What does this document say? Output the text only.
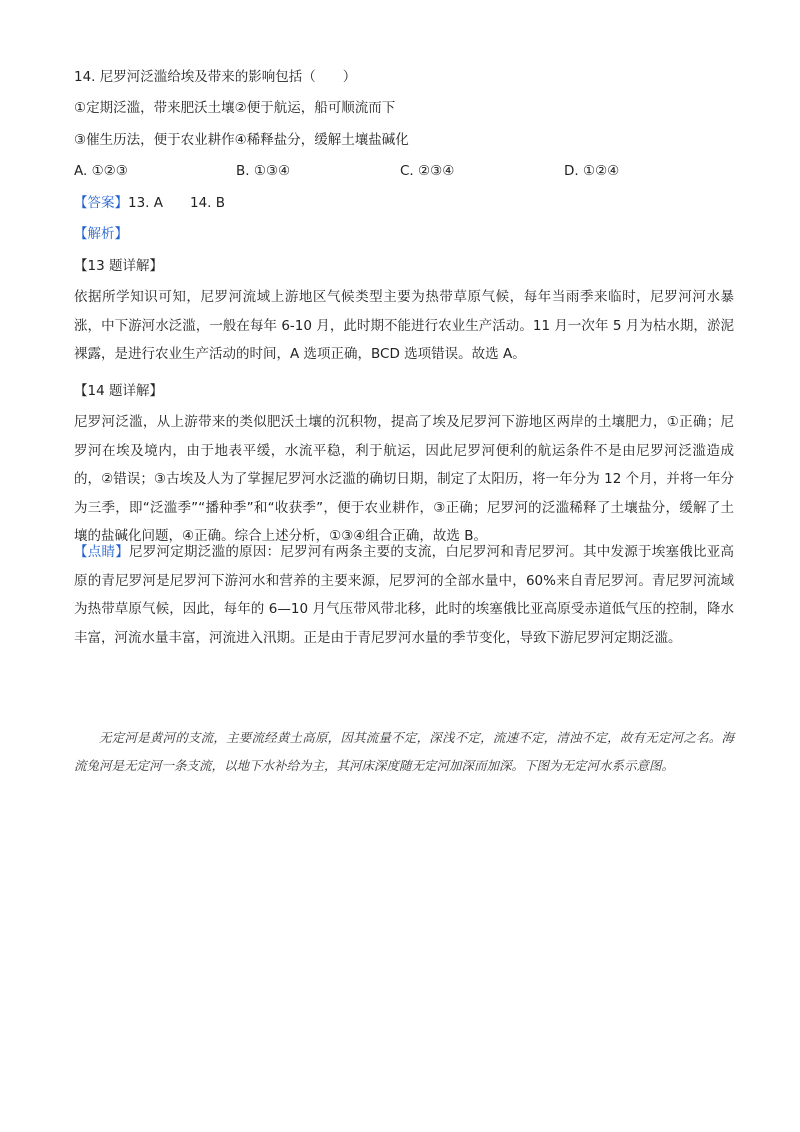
14. 尼罗河泛滥给埃及带来的影响包括（　　）
①定期泛滥，带来肥沃土壤②便于航运，船可顺流而下
③催生历法，便于农业耕作④稀释盐分，缓解土壤盐碱化
A. ①②③	B. ①③④	C. ②③④	D. ①②④
【答案】13. A　　14. B
【解析】
【13 题详解】
依据所学知识可知，尼罗河流域上游地区气候类型主要为热带草原气候，每年当雨季来临时，尼罗河河水暴涨，中下游河水泛滥，一般在每年 6-10 月，此时期不能进行农业生产活动。11 月一次年 5 月为枯水期，淤泥裸露，是进行农业生产活动的时间，A 选项正确，BCD 选项错误。故选 A。
【14 题详解】
尼罗河泛滥，从上游带来的类似肥沃土壤的沉积物，提高了埃及尼罗河下游地区两岸的土壤肥力，①正确；尼罗河在埃及境内，由于地表平缓，水流平稳，利于航运，因此尼罗河便利的航运条件不是由尼罗河泛滥造成的，②错误；③古埃及人为了掌握尼罗河水泛滥的确切日期，制定了太阳历，将一年分为 12 个月，并将一年分为三季，即“泛滥季”“播种季”和“收获季”，便于农业耕作，③正确；尼罗河的泛滥稀释了土壤盐分，缓解了土壤的盐碱化问题，④正确。综合上述分析，①③④组合正确，故选 B。
【点睛】尼罗河定期泛滥的原因：尼罗河有两条主要的支流，白尼罗河和青尼罗河。其中发源于埃塞俄比亚高原的青尼罗河是尼罗河下游河水和营养的主要来源，尼罗河的全部水量中，60%来自青尼罗河。青尼罗河流域为热带草原气候，因此，每年的 6—10 月气压带风带北移，此时的埃塞俄比亚高原受赤道低气压的控制，降水丰富，河流水量丰富，河流进入汛期。正是由于青尼罗河水量的季节变化，导致下游尼罗河定期泛滥。
无定河是黄河的支流，主要流经黄土高原，因其流量不定，深浅不定，流速不定，清浊不定，故有无定河之名。海流兔河是无定河一条支流，以地下水补给为主，其河床深度随无定河加深而加深。下图为无定河水系示意图。
